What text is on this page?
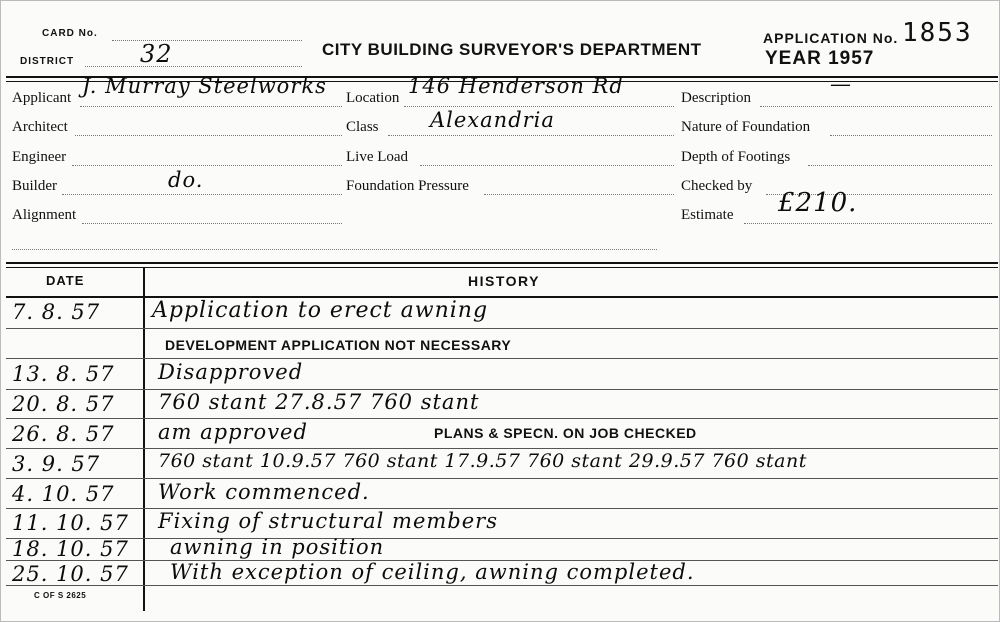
CARD No.
DISTRICT	32	CITY BUILDING SURVEYOR'S DEPARTMENT
APPLICATION No. 1853
YEAR 1957
Applicant J. Murray Steelworks
Architect
Engineer
Builder	do.
Alignment
Location 146 Henderson Rd
Class Alexandria
Live Load
Foundation Pressure
Description
—
Nature of Foundation
Depth of Footings
Checked by
Estimate £210.
DATE	HISTORY
7. 8. 57 Application to erect awning
DEVELOPMENT APPLICATION NOT NECESSARY
13. 8. 57 Disapproved
20. 8. 57 760 stant 27.8.57 760 stant
26. 8. 57 am approved	PLANS & SPECN. ON JOB CHECKED
3. 9. 57	760 stant 10.9.57 760 stant 17.9.57 760 stant 29.9.57 760 stant
4. 10. 57 Work commenced.
11. 10. 57 Fixing of structural members
18. 10. 57 awning in position
25. 10. 57 With exception of ceiling, awning completed.
C OF S 2625
